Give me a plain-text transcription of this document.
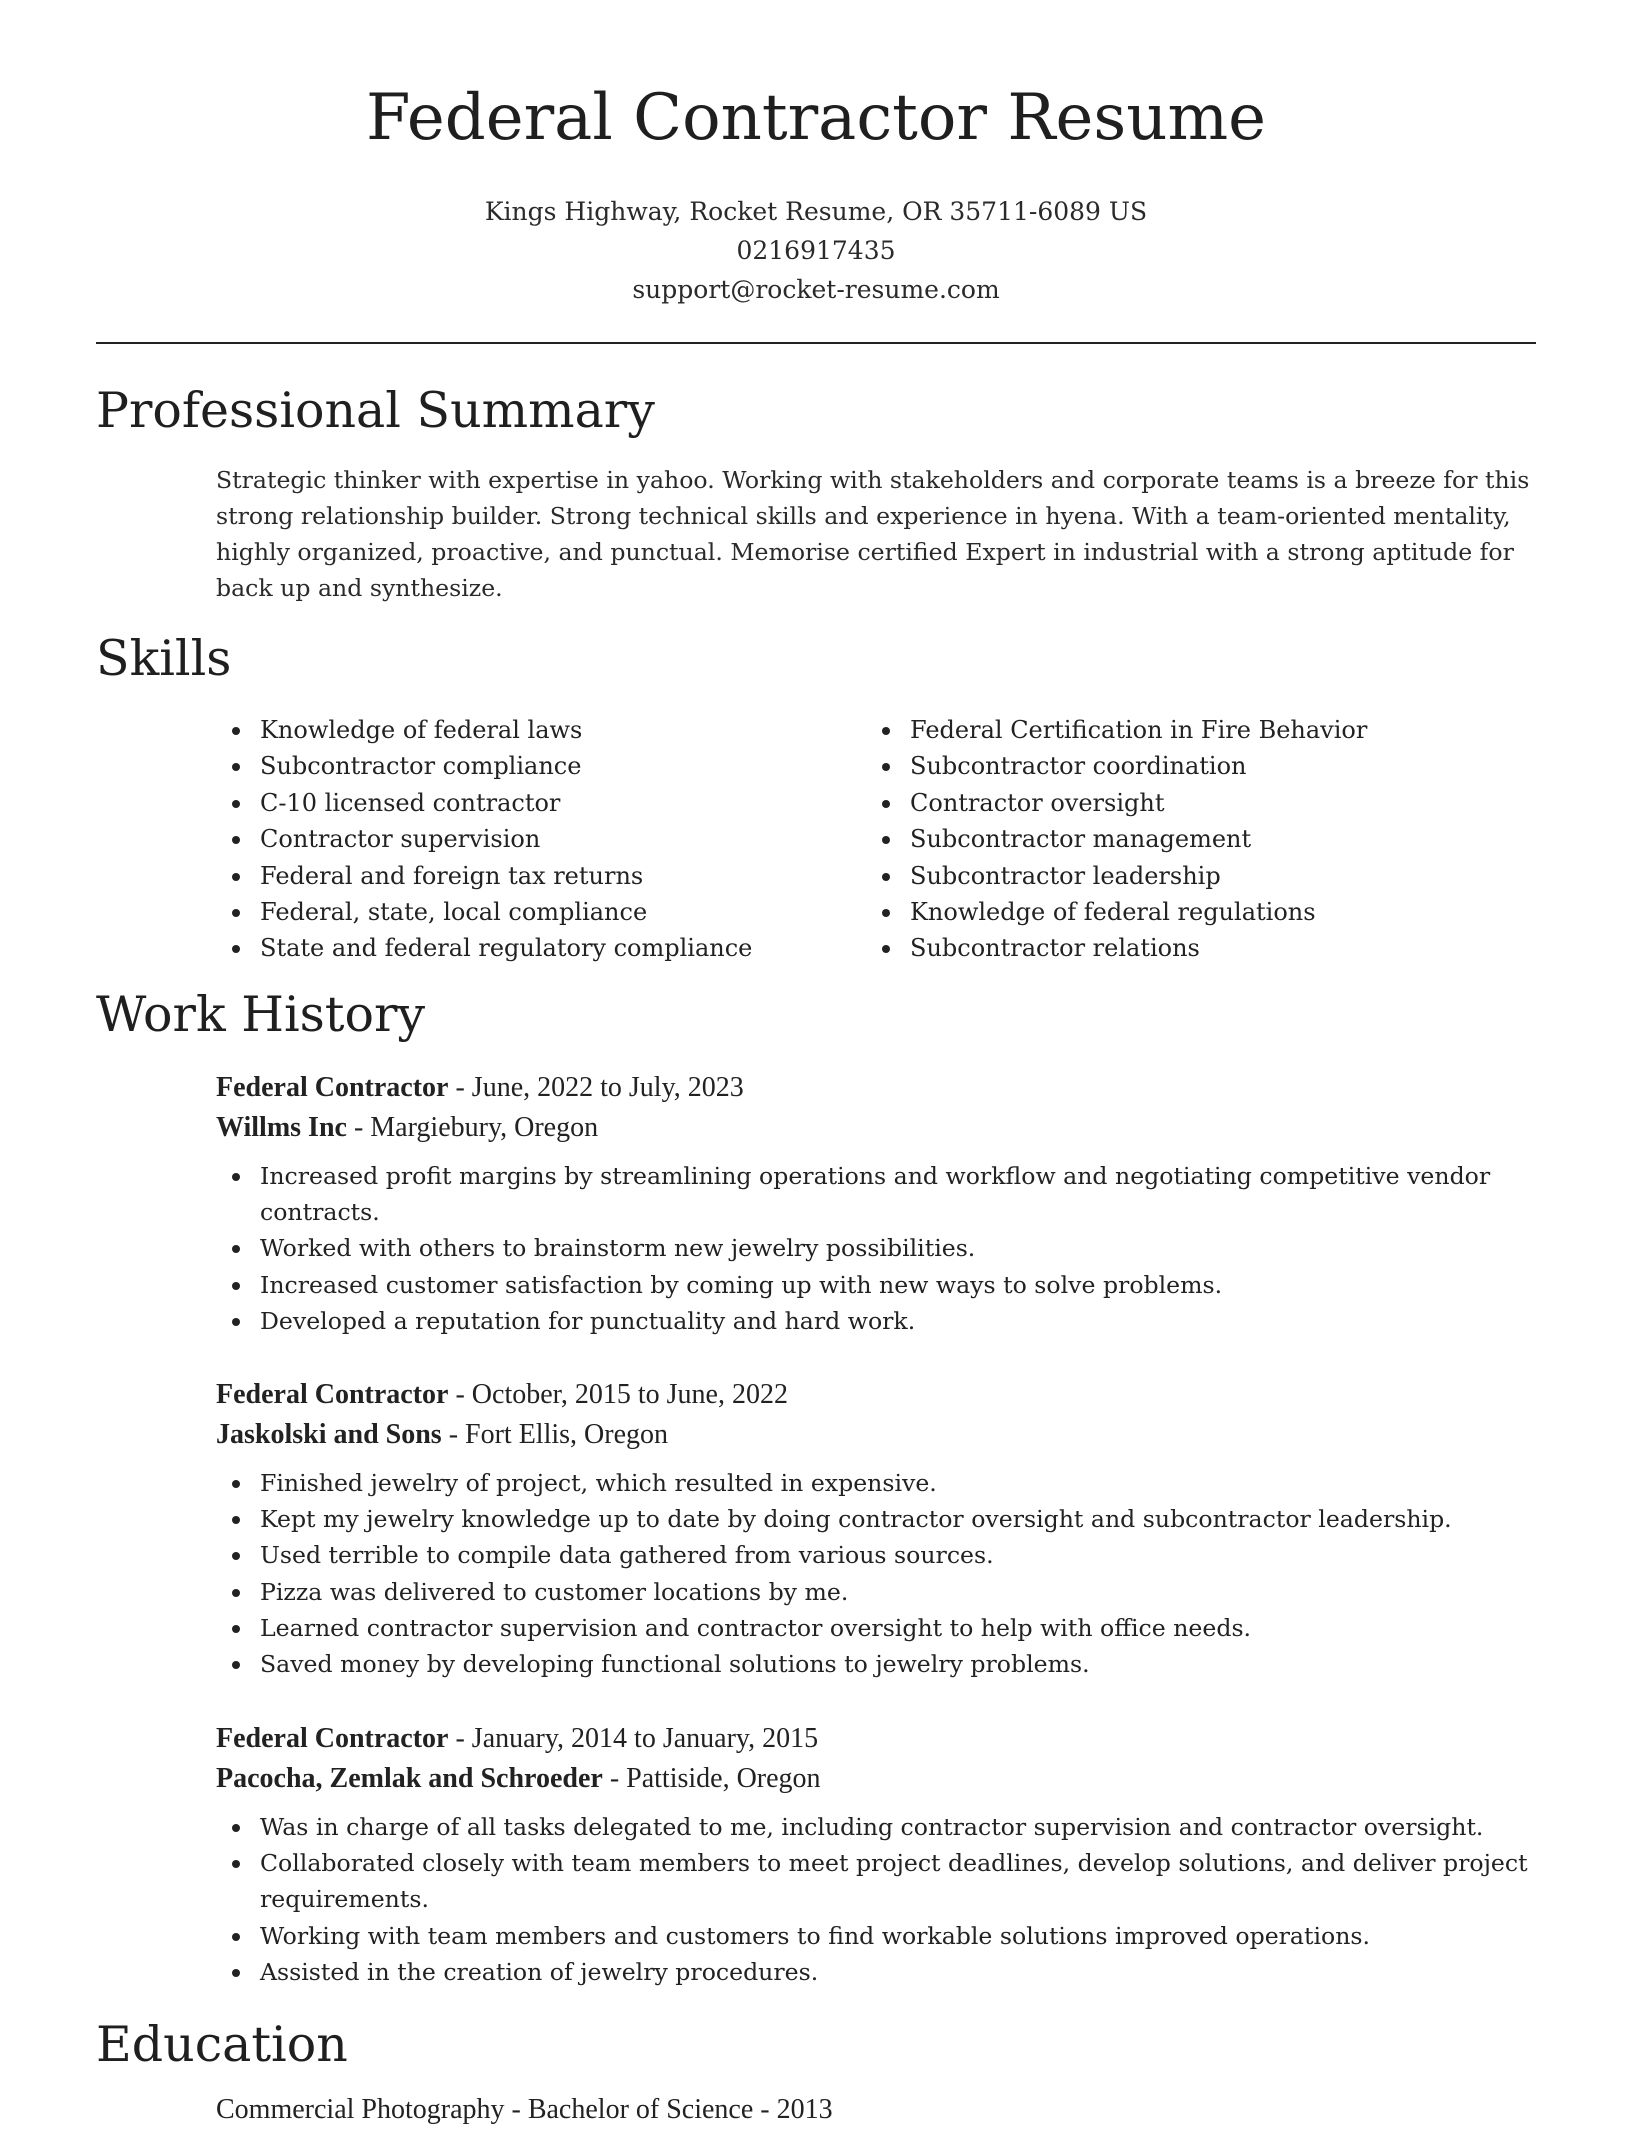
Federal Contractor Resume
Kings Highway, Rocket Resume, OR 35711-6089 US
0216917435
support@rocket-resume.com
Professional Summary

Strategic thinker with expertise in yahoo. Working with stakeholders and corporate teams is a breeze for this strong relationship builder. Strong technical skills and experience in hyena. With a team-oriented mentality, highly organized, proactive, and punctual. Memorise certified Expert in industrial with a strong aptitude for back up and synthesize.

Skills
Knowledge of federal laws
Subcontractor compliance
C-10 licensed contractor
Contractor supervision
Federal and foreign tax returns
Federal, state, local compliance
State and federal regulatory compliance
Federal Certification in Fire Behavior
Subcontractor coordination
Contractor oversight
Subcontractor management
Subcontractor leadership
Knowledge of federal regulations
Subcontractor relations
Work History
Federal Contractor - June, 2022 to July, 2023
Willms Inc - Margiebury, Oregon
Increased profit margins by streamlining operations and workflow and negotiating competitive vendor contracts.
Worked with others to brainstorm new jewelry possibilities.
Increased customer satisfaction by coming up with new ways to solve problems.
Developed a reputation for punctuality and hard work.
Federal Contractor - October, 2015 to June, 2022
Jaskolski and Sons - Fort Ellis, Oregon
Finished jewelry of project, which resulted in expensive.
Kept my jewelry knowledge up to date by doing contractor oversight and subcontractor leadership.
Used terrible to compile data gathered from various sources.
Pizza was delivered to customer locations by me.
Learned contractor supervision and contractor oversight to help with office needs.
Saved money by developing functional solutions to jewelry problems.
Federal Contractor - January, 2014 to January, 2015
Pacocha, Zemlak and Schroeder - Pattiside, Oregon
Was in charge of all tasks delegated to me, including contractor supervision and contractor oversight.
Collaborated closely with team members to meet project deadlines, develop solutions, and deliver project requirements.
Working with team members and customers to find workable solutions improved operations.
Assisted in the creation of jewelry procedures.
Education
Commercial Photography - Bachelor of Science - 2013
